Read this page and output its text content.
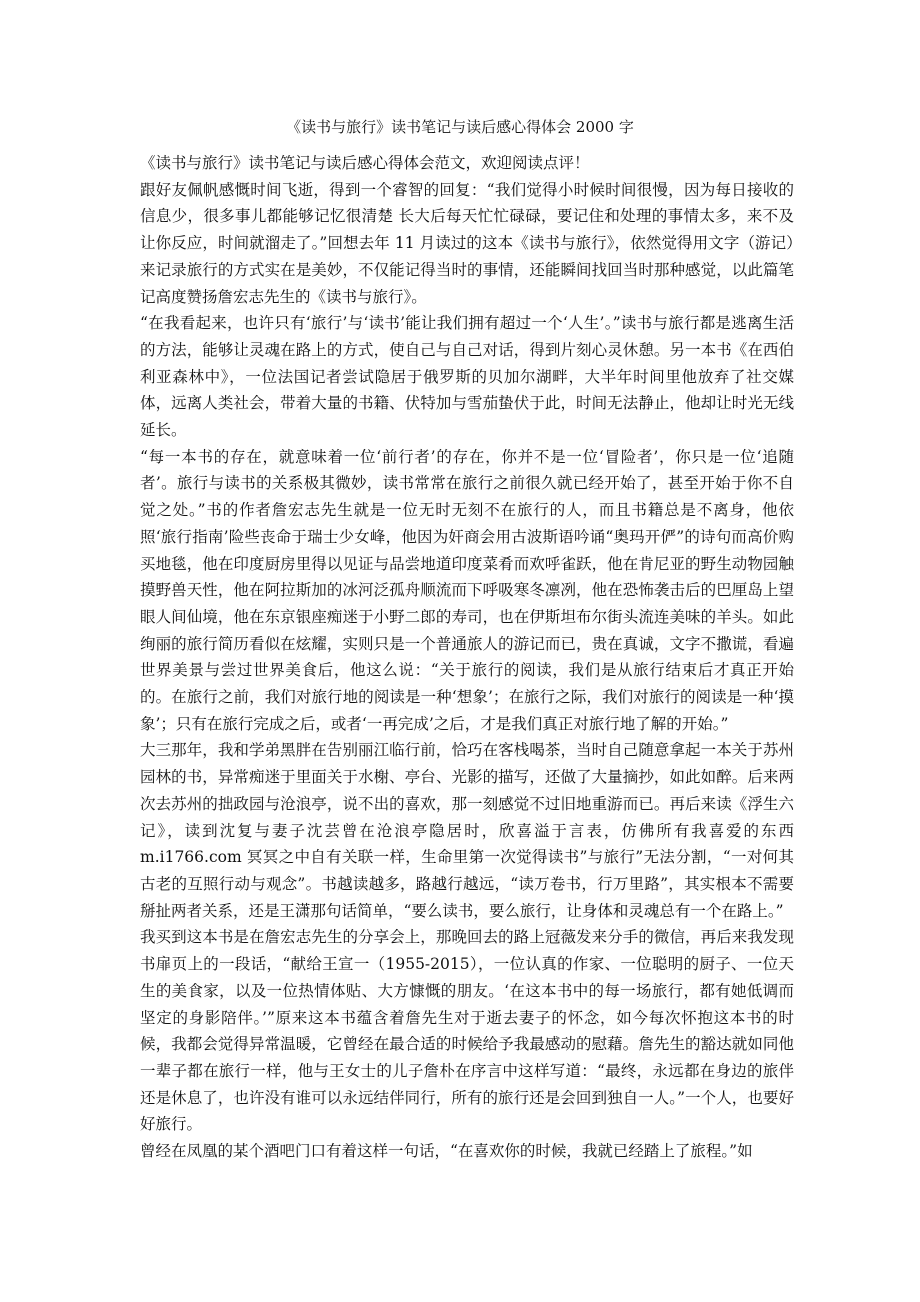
《读书与旅行》读书笔记与读后感心得体会 2000 字

《读书与旅行》读书笔记与读后感心得体会范文，欢迎阅读点评！

跟好友佩帆感慨时间飞逝，得到一个睿智的回复：“我们觉得小时候时间很慢，因为每日接收的信息少，很多事儿都能够记忆很清楚 长大后每天忙忙碌碌，要记住和处理的事情太多，来不及让你反应，时间就溜走了。”回想去年 11 月读过的这本《读书与旅行》，依然觉得用文字（游记）来记录旅行的方式实在是美妙，不仅能记得当时的事情，还能瞬间找回当时那种感觉，以此篇笔记高度赞扬詹宏志先生的《读书与旅行》。

“在我看起来，也许只有‘旅行’与‘读书’能让我们拥有超过一个‘人生’。”读书与旅行都是逃离生活的方法，能够让灵魂在路上的方式，使自己与自己对话，得到片刻心灵休憩。另一本书《在西伯利亚森林中》，一位法国记者尝试隐居于俄罗斯的贝加尔湖畔，大半年时间里他放弃了社交媒体，远离人类社会，带着大量的书籍、伏特加与雪茄蛰伏于此，时间无法静止，他却让时光无线延长。

“每一本书的存在，就意味着一位‘前行者’的存在，你并不是一位‘冒险者’，你只是一位‘追随者’。旅行与读书的关系极其微妙，读书常常在旅行之前很久就已经开始了，甚至开始于你不自觉之处。”书的作者詹宏志先生就是一位无时无刻不在旅行的人，而且书籍总是不离身，他依照‘旅行指南’险些丧命于瑞士少女峰，他因为奸商会用古波斯语吟诵“奥玛开俨”的诗句而高价购买地毯，他在印度厨房里得以见证与品尝地道印度菜肴而欢呼雀跃，他在肯尼亚的野生动物园触摸野兽天性，他在阿拉斯加的冰河泛孤舟顺流而下呼吸寒冬凛冽，他在恐怖袭击后的巴厘岛上望眼人间仙境，他在东京银座痴迷于小野二郎的寿司，也在伊斯坦布尔街头流连美味的羊头。如此绚丽的旅行简历看似在炫耀，实则只是一个普通旅人的游记而已，贵在真诚，文字不撒谎，看遍世界美景与尝过世界美食后，他这么说：“关于旅行的阅读，我们是从旅行结束后才真正开始的。在旅行之前，我们对旅行地的阅读是一种‘想象’；在旅行之际，我们对旅行的阅读是一种‘摸象’；只有在旅行完成之后，或者‘一再完成’之后，才是我们真正对旅行地了解的开始。”

大三那年，我和学弟黑胖在告别丽江临行前，恰巧在客栈喝茶，当时自己随意拿起一本关于苏州园林的书，异常痴迷于里面关于水榭、亭台、光影的描写，还做了大量摘抄，如此如醉。后来两次去苏州的拙政园与沧浪亭，说不出的喜欢，那一刻感觉不过旧地重游而已。再后来读《浮生六记》，读到沈复与妻子沈芸曾在沧浪亭隐居时，欣喜溢于言表，仿佛所有我喜爱的东西 m.i1766.com 冥冥之中自有关联一样，生命里第一次觉得读书”与旅行”无法分割，“一对何其古老的互照行动与观念”。书越读越多，路越行越远，“读万卷书，行万里路”，其实根本不需要掰扯两者关系，还是王潇那句话简单，“要么读书，要么旅行，让身体和灵魂总有一个在路上。”

我买到这本书是在詹宏志先生的分享会上，那晚回去的路上冠薇发来分手的微信，再后来我发现书扉页上的一段话，“献给王宣一（1955-2015），一位认真的作家、一位聪明的厨子、一位天生的美食家，以及一位热情体贴、大方慷慨的朋友。‘在这本书中的每一场旅行，都有她低调而坚定的身影陪伴。’”原来这本书蕴含着詹先生对于逝去妻子的怀念，如今每次怀抱这本书的时候，我都会觉得异常温暖，它曾经在最合适的时候给予我最感动的慰藉。詹先生的豁达就如同他一辈子都在旅行一样，他与王女士的儿子詹朴在序言中这样写道：“最终，永远都在身边的旅伴还是休息了，也许没有谁可以永远结伴同行，所有的旅行还是会回到独自一人。”一个人，也要好好旅行。

曾经在凤凰的某个酒吧门口有着这样一句话，“在喜欢你的时候，我就已经踏上了旅程。”如
